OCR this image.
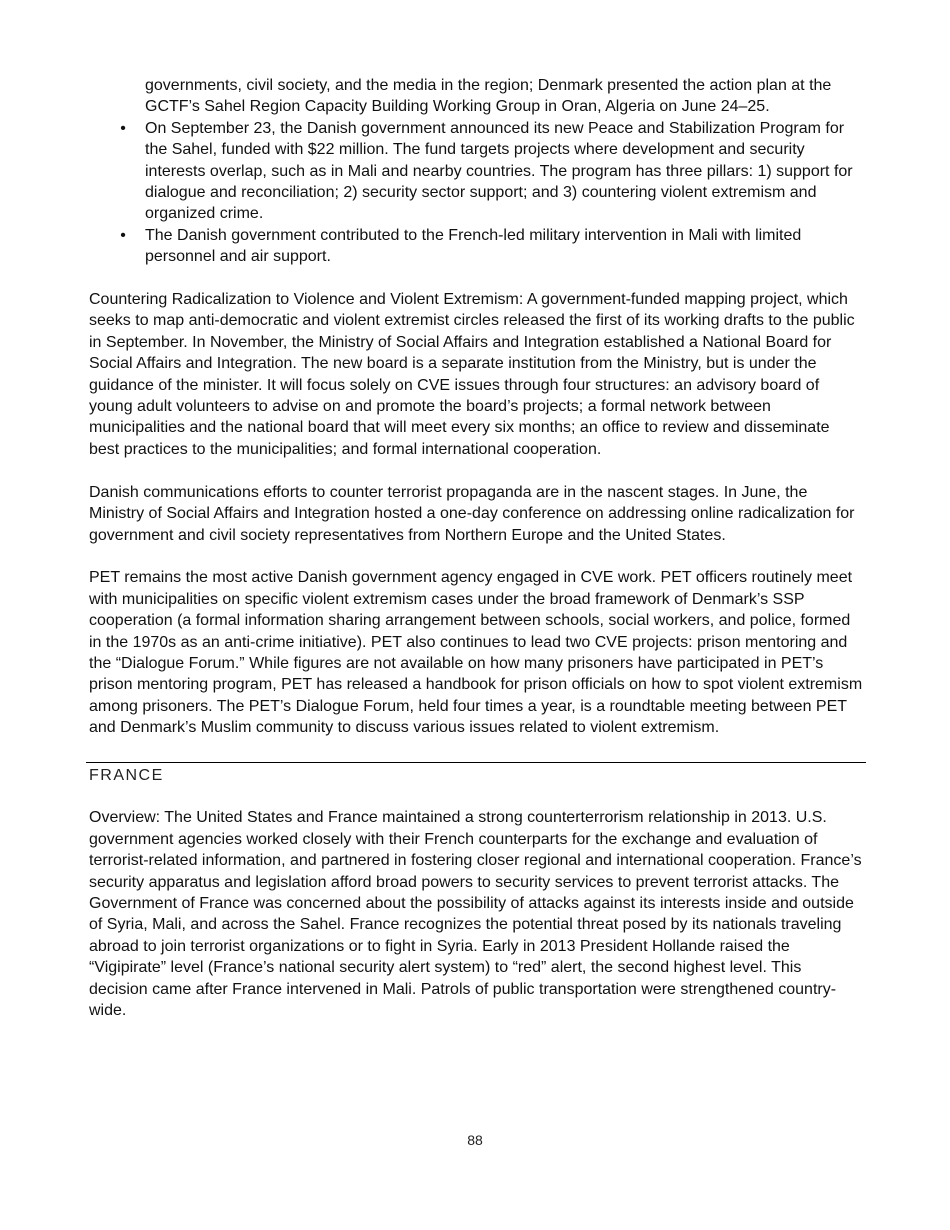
governments, civil society, and the media in the region; Denmark presented the action plan at the GCTF’s Sahel Region Capacity Building Working Group in Oran, Algeria on June 24–25.

• On September 23, the Danish government announced its new Peace and Stabilization Program for the Sahel, funded with $22 million. The fund targets projects where development and security interests overlap, such as in Mali and nearby countries. The program has three pillars: 1) support for dialogue and reconciliation; 2) security sector support; and 3) countering violent extremism and organized crime.
• The Danish government contributed to the French-led military intervention in Mali with limited personnel and air support.

Countering Radicalization to Violence and Violent Extremism: A government-funded mapping project, which seeks to map anti-democratic and violent extremist circles released the first of its working drafts to the public in September. In November, the Ministry of Social Affairs and Integration established a National Board for Social Affairs and Integration. The new board is a separate institution from the Ministry, but is under the guidance of the minister. It will focus solely on CVE issues through four structures: an advisory board of young adult volunteers to advise on and promote the board’s projects; a formal network between municipalities and the national board that will meet every six months; an office to review and disseminate best practices to the municipalities; and formal international cooperation.

Danish communications efforts to counter terrorist propaganda are in the nascent stages. In June, the Ministry of Social Affairs and Integration hosted a one-day conference on addressing online radicalization for government and civil society representatives from Northern Europe and the United States.

PET remains the most active Danish government agency engaged in CVE work. PET officers routinely meet with municipalities on specific violent extremism cases under the broad framework of Denmark’s SSP cooperation (a formal information sharing arrangement between schools, social workers, and police, formed in the 1970s as an anti-crime initiative). PET also continues to lead two CVE projects: prison mentoring and the “Dialogue Forum.” While figures are not available on how many prisoners have participated in PET’s prison mentoring program, PET has released a handbook for prison officials on how to spot violent extremism among prisoners. The PET’s Dialogue Forum, held four times a year, is a roundtable meeting between PET and Denmark’s Muslim community to discuss various issues related to violent extremism.

FRANCE

Overview: The United States and France maintained a strong counterterrorism relationship in 2013. U.S. government agencies worked closely with their French counterparts for the exchange and evaluation of terrorist-related information, and partnered in fostering closer regional and international cooperation. France’s security apparatus and legislation afford broad powers to security services to prevent terrorist attacks. The Government of France was concerned about the possibility of attacks against its interests inside and outside of Syria, Mali, and across the Sahel. France recognizes the potential threat posed by its nationals traveling abroad to join terrorist organizations or to fight in Syria. Early in 2013 President Hollande raised the “Vigipirate” level (France’s national security alert system) to “red” alert, the second highest level. This decision came after France intervened in Mali. Patrols of public transportation were strengthened country-wide.

88
